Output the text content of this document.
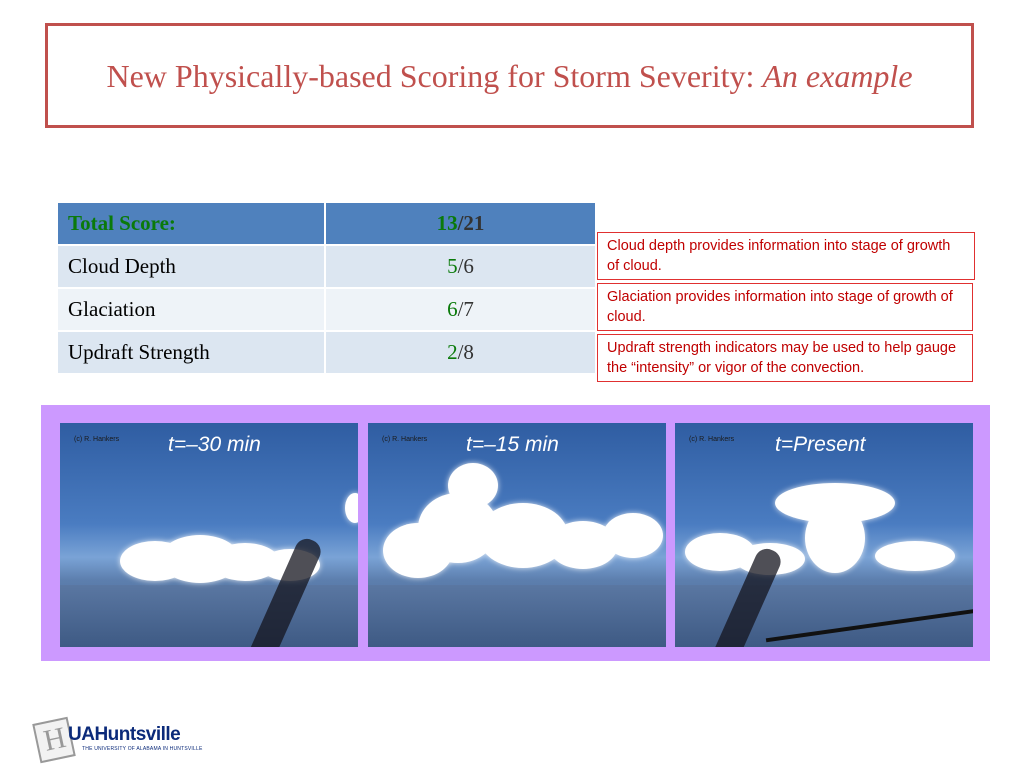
New Physically-based Scoring for Storm Severity: An example
Total Score:	13/21
Cloud Depth	5/6
Glaciation	6/7
Updraft Strength	2/8
Cloud depth provides information into stage of growth of cloud.
Glaciation provides information into stage of growth of cloud.
Updraft strength indicators may be used to help gauge the “intensity” or vigor of the convection.
(c) R. Hankers t=–30 min	(c) R. Hankers t=–15 min	(c) R. Hankers t=Present
H UAHuntsville
THE UNIVERSITY OF ALABAMA IN HUNTSVILLE
